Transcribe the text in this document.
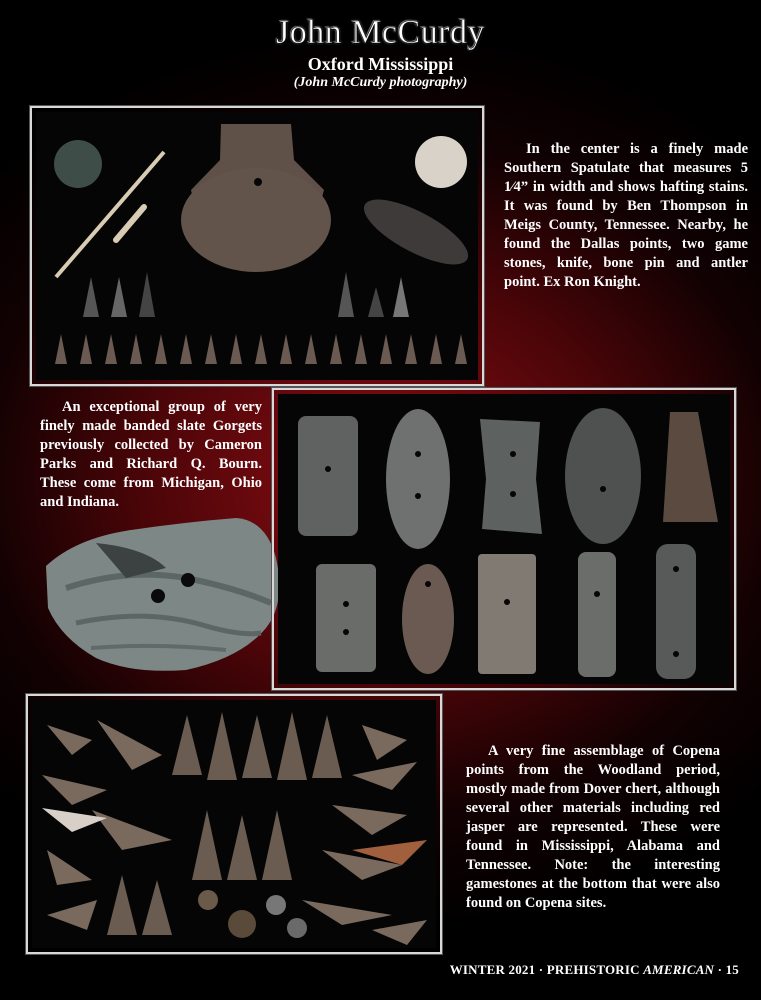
John McCurdy
Oxford Mississippi
(John McCurdy photography)
In the center is a finely made Southern Spatulate that measures 5 1⁄4” in width and shows hafting stains. It was found by Ben Thompson in Meigs County, Tennessee. Nearby, he found the Dallas points, two game stones, knife, bone pin and antler point. Ex Ron Knight.
An exceptional group of very finely made banded slate Gorgets previously collected by Cameron Parks and Richard Q. Bourn. These come from Michigan, Ohio and Indiana.
A very fine assemblage of Copena points from the Woodland period, mostly made from Dover chert, although several other materials including red jasper are represented. These were found in Mississippi, Alabama and Tennessee. Note: the interesting gamestones at the bottom that were also found on Copena sites.
WINTER 2021 · PREHISTORIC AMERICAN · 15
